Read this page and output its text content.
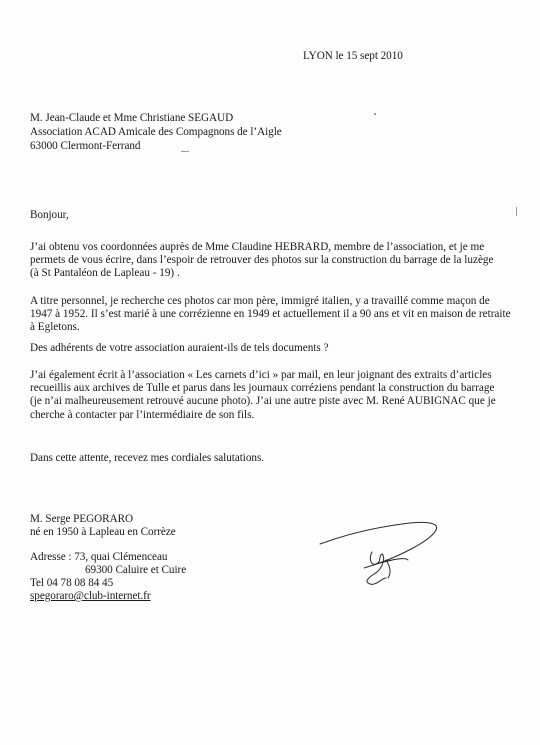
LYON le 15 sept 2010
M. Jean-Claude et Mme Christiane SEGAUD
Association ACAD Amicale des Compagnons de l’Aigle
63000 Clermont-Ferrand
Bonjour,
J’ai obtenu vos coordonnées auprès de Mme Claudine HEBRARD, membre de l’association, et je me
permets de vous écrire, dans l’espoir de retrouver des photos sur la construction du barrage de la luzège
(à St Pantaléon de Lapleau - 19) .
A titre personnel, je recherche ces photos car mon père, immigré italien, y a travaillé comme maçon de
1947 à 1952. Il s’est marié à une corrézienne en 1949 et actuellement il a 90 ans et vit en maison de retraite
à Egletons.
Des adhérents de votre association auraient-ils de tels documents ?
J’ai également écrit à l’association « Les carnets d’ici » par mail, en leur joignant des extraits d’articles
recueillis aux archives de Tulle et parus dans les journaux corréziens pendant la construction du barrage
(je n’ai malheureusement retrouvé aucune photo). J’ai une autre piste avec M. René AUBIGNAC que je
cherche à contacter par l’intermédiaire de son fils.
Dans cette attente, recevez mes cordiales salutations.
M. Serge PEGORARO
né en 1950 à Lapleau en Corrèze
Adresse : 73, quai Clémenceau
69300 Caluire et Cuire
Tel 04 78 08 84 45
spegoraro@club-internet.fr
